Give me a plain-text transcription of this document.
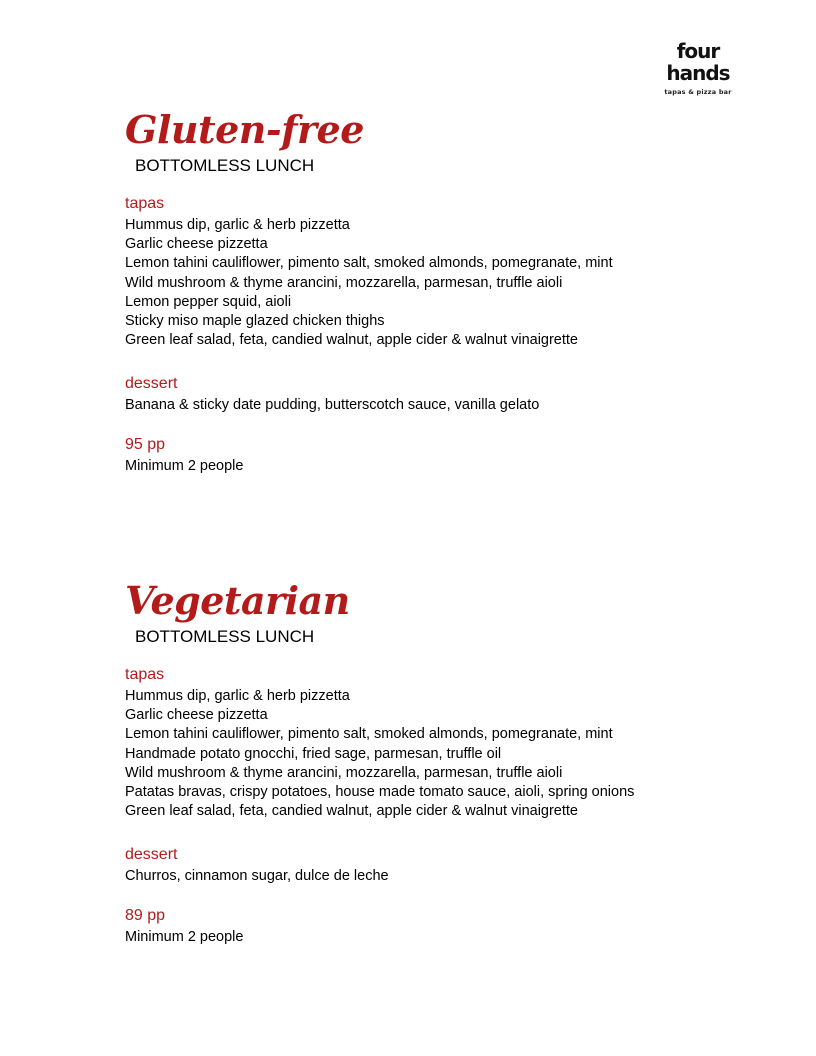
four
hands
tapas & pizza bar
Gluten-free
BOTTOMLESS LUNCH
tapas
Hummus dip, garlic & herb pizzetta
Garlic cheese pizzetta
Lemon tahini cauliflower, pimento salt, smoked almonds, pomegranate, mint
Wild mushroom & thyme arancini, mozzarella, parmesan, truffle aioli
Lemon pepper squid, aioli
Sticky miso maple glazed chicken thighs
Green leaf salad, feta, candied walnut, apple cider & walnut vinaigrette
dessert
Banana & sticky date pudding, butterscotch sauce, vanilla gelato
95 pp
Minimum 2 people
Vegetarian
BOTTOMLESS LUNCH
tapas
Hummus dip, garlic & herb pizzetta
Garlic cheese pizzetta
Lemon tahini cauliflower, pimento salt, smoked almonds, pomegranate, mint
Handmade potato gnocchi, fried sage, parmesan, truffle oil
Wild mushroom & thyme arancini, mozzarella, parmesan, truffle aioli
Patatas bravas, crispy potatoes, house made tomato sauce, aioli, spring onions
Green leaf salad, feta, candied walnut, apple cider & walnut vinaigrette
dessert
Churros, cinnamon sugar, dulce de leche
89 pp
Minimum 2 people
